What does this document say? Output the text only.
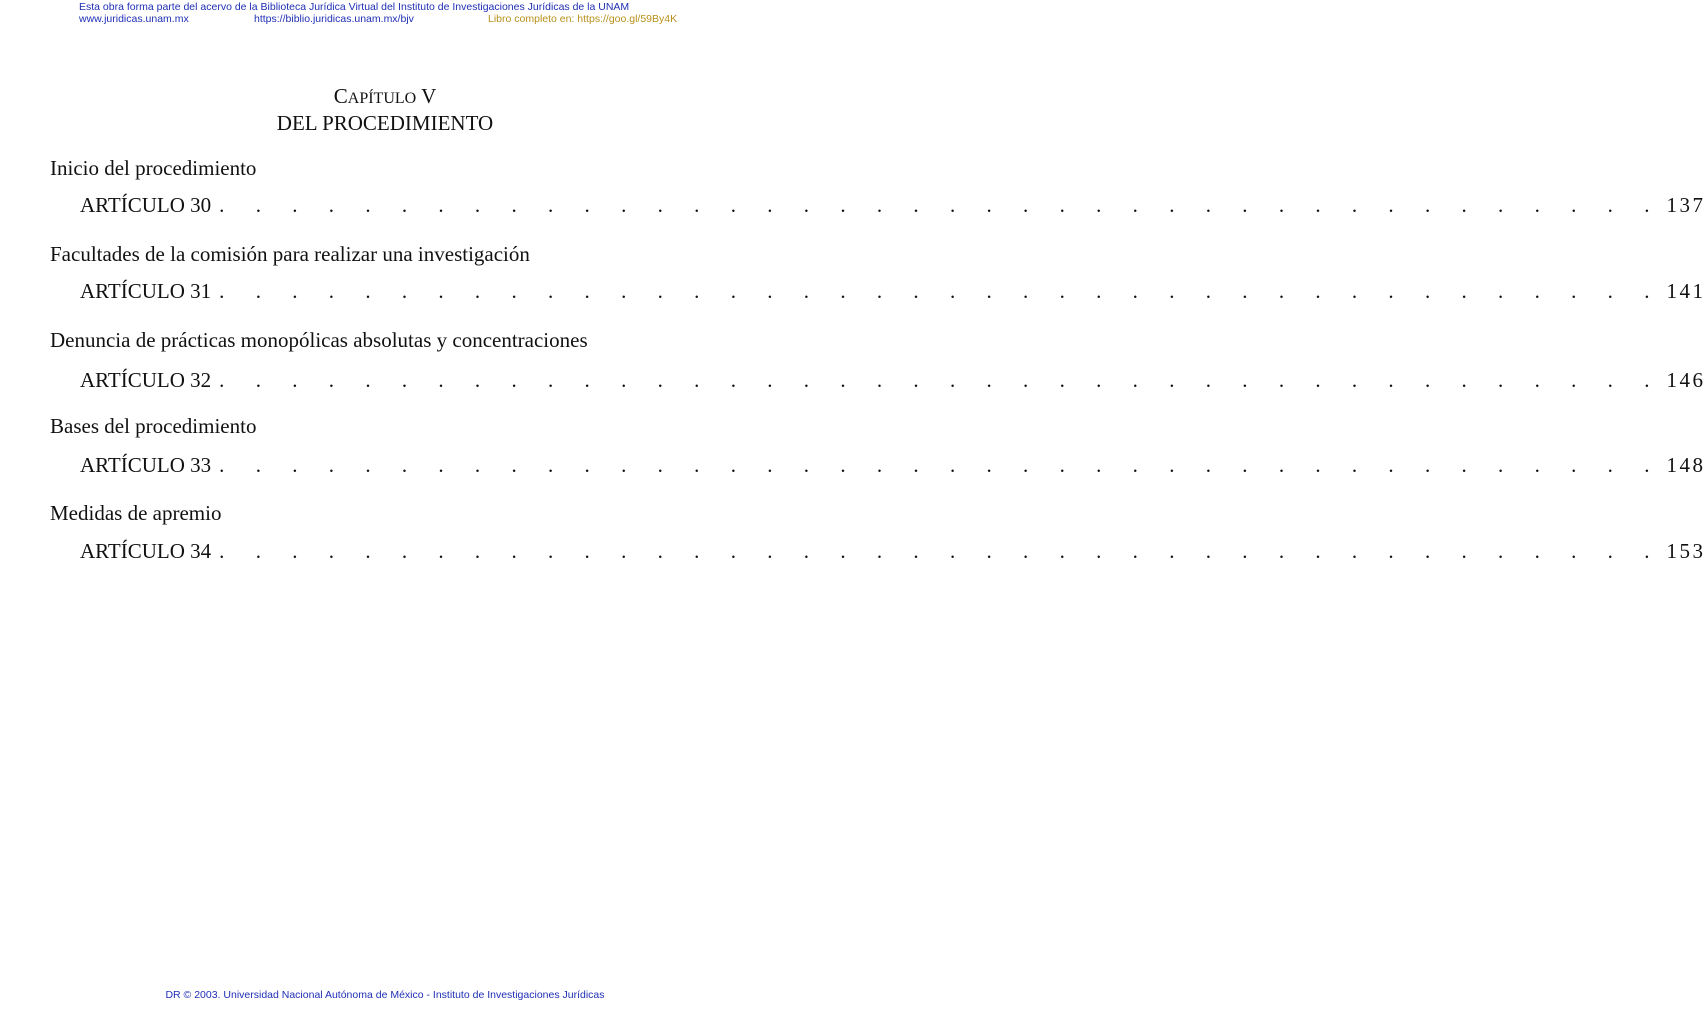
Esta obra forma parte del acervo de la Biblioteca Jurídica Virtual del Instituto de Investigaciones Jurídicas de la UNAM
www.juridicas.unam.mx	https://biblio.juridicas.unam.mx/bjv	Libro completo en: https://goo.gl/59By4K
CAPÍTULO V
DEL PROCEDIMIENTO
Inicio del procedimiento
ARTÍCULO 30 . . . . . . . . . . . . . . . . . . . . . . . . . . . . . . . . . . . . . . . . 137
Facultades de la comisión para realizar una investigación
ARTÍCULO 31 . . . . . . . . . . . . . . . . . . . . . . . . . . . . . . . . . . . . . . . . 141
Denuncia de prácticas monopólicas absolutas y concentraciones
ARTÍCULO 32 . . . . . . . . . . . . . . . . . . . . . . . . . . . . . . . . . . . . . . . . 146
Bases del procedimiento
ARTÍCULO 33 . . . . . . . . . . . . . . . . . . . . . . . . . . . . . . . . . . . . . . . . 148
Medidas de apremio
ARTÍCULO 34 . . . . . . . . . . . . . . . . . . . . . . . . . . . . . . . . . . . . . . . . 153
DR © 2003. Universidad Nacional Autónoma de México - Instituto de Investigaciones Jurídicas
